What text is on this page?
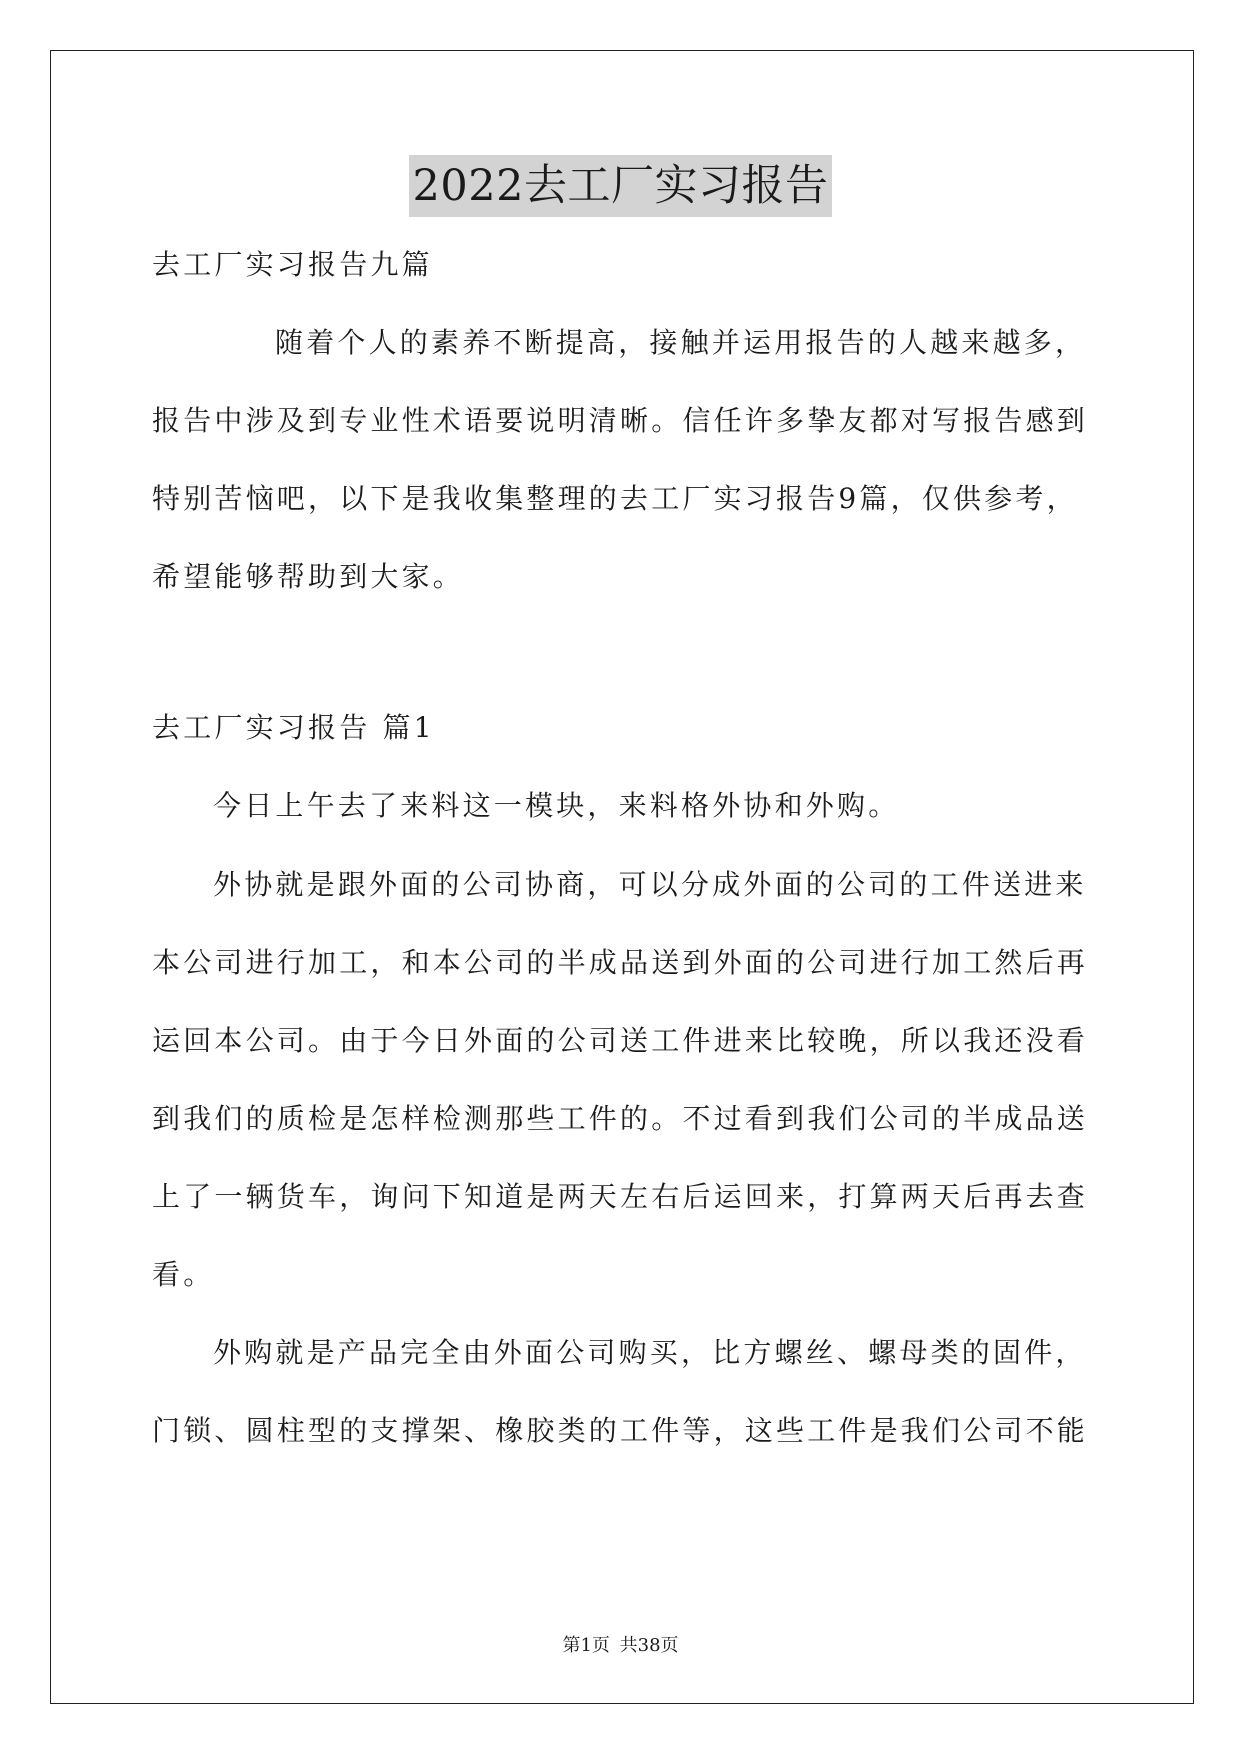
2022去工厂实习报告
去工厂实习报告九篇
随着个人的素养不断提高，接触并运用报告的人越来越多，
报告中涉及到专业性术语要说明清晰。信任许多挚友都对写报告感到
特别苦恼吧，以下是我收集整理的去工厂实习报告9篇，仅供参考，
希望能够帮助到大家。
去工厂实习报告 篇1
今日上午去了来料这一模块，来料格外协和外购。
外协就是跟外面的公司协商，可以分成外面的公司的工件送进来
本公司进行加工，和本公司的半成品送到外面的公司进行加工然后再
运回本公司。由于今日外面的公司送工件进来比较晚，所以我还没看
到我们的质检是怎样检测那些工件的。不过看到我们公司的半成品送
上了一辆货车，询问下知道是两天左右后运回来，打算两天后再去查
看。
外购就是产品完全由外面公司购买，比方螺丝、螺母类的固件，
门锁、圆柱型的支撑架、橡胶类的工件等，这些工件是我们公司不能
第1页 共38页
